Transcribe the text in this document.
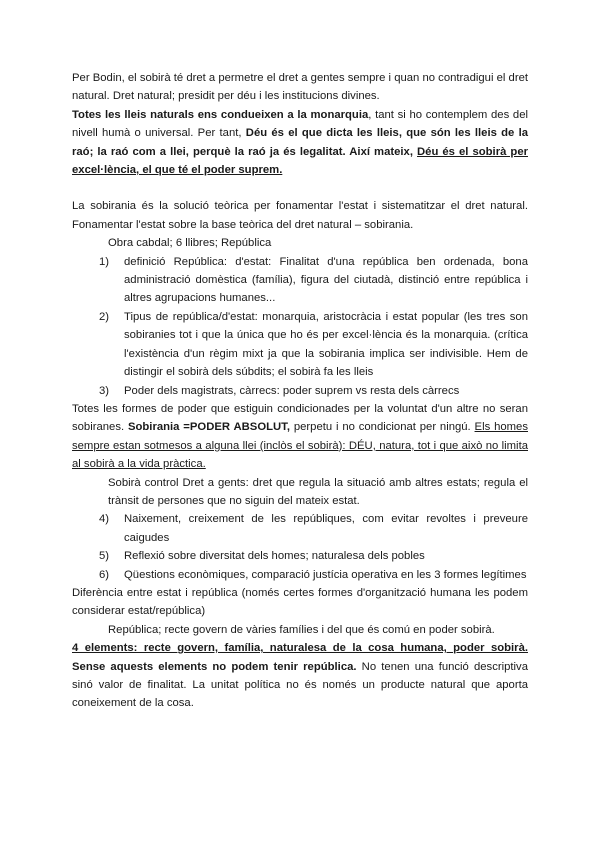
Per Bodin, el sobirà té dret a permetre el dret a gentes sempre i quan no contradigui el dret natural. Dret natural; presidit per déu i les institucions divines.

Totes les lleis naturals ens condueixen a la monarquia, tant si ho contemplem des del nivell humà o universal. Per tant, Déu és el que dicta les lleis, que són les lleis de la raó; la raó com a llei, perquè la raó ja és legalitat. Així mateix, Déu és el sobirà per excel·lència, el que té el poder suprem.

La sobirania és la solució teòrica per fonamentar l'estat i sistematitzar el dret natural. Fonamentar l'estat sobre la base teòrica del dret natural – sobirania.

Obra cabdal; 6 llibres; República

1) definició República: d'estat: Finalitat d'una república ben ordenada, bona administració domèstica (família), figura del ciutadà, distinció entre república i altres agrupacions humanes...
2) Tipus de república/d'estat: monarquia, aristocràcia i estat popular (les tres son sobiranies tot i que la única que ho és per excel·lència és la monarquia. (crítica l'existència d'un règim mixt ja que la sobirania implica ser indivisible. Hem de distingir el sobirà dels súbdits; el sobirà fa les lleis
3) Poder dels magistrats, càrrecs: poder suprem vs resta dels càrrecs

Totes les formes de poder que estiguin condicionades per la voluntat d'un altre no seran sobiranes. Sobirania =PODER ABSOLUT, perpetu i no condicionat per ningú. Els homes sempre estan sotmesos a alguna llei (inclòs el sobirà): DÉU, natura, tot i que això no limita al sobirà a la vida pràctica.

Sobirà control Dret a gents: dret que regula la situació amb altres estats; regula el trànsit de persones que no siguin del mateix estat.

4) Naixement, creixement de les repúbliques, com evitar revoltes i preveure caigudes
5) Reflexió sobre diversitat dels homes; naturalesa dels pobles
6) Qüestions econòmiques, comparació justícia operativa en les 3 formes legítimes

Diferència entre estat i república (només certes formes d'organització humana les podem considerar estat/república)

República; recte govern de vàries famílies i del que és comú en poder sobirà.

4 elements: recte govern, família, naturalesa de la cosa humana, poder sobirà. Sense aquests elements no podem tenir república. No tenen una funció descriptiva sinó valor de finalitat. La unitat política no és només un producte natural que aporta coneixement de la cosa.
